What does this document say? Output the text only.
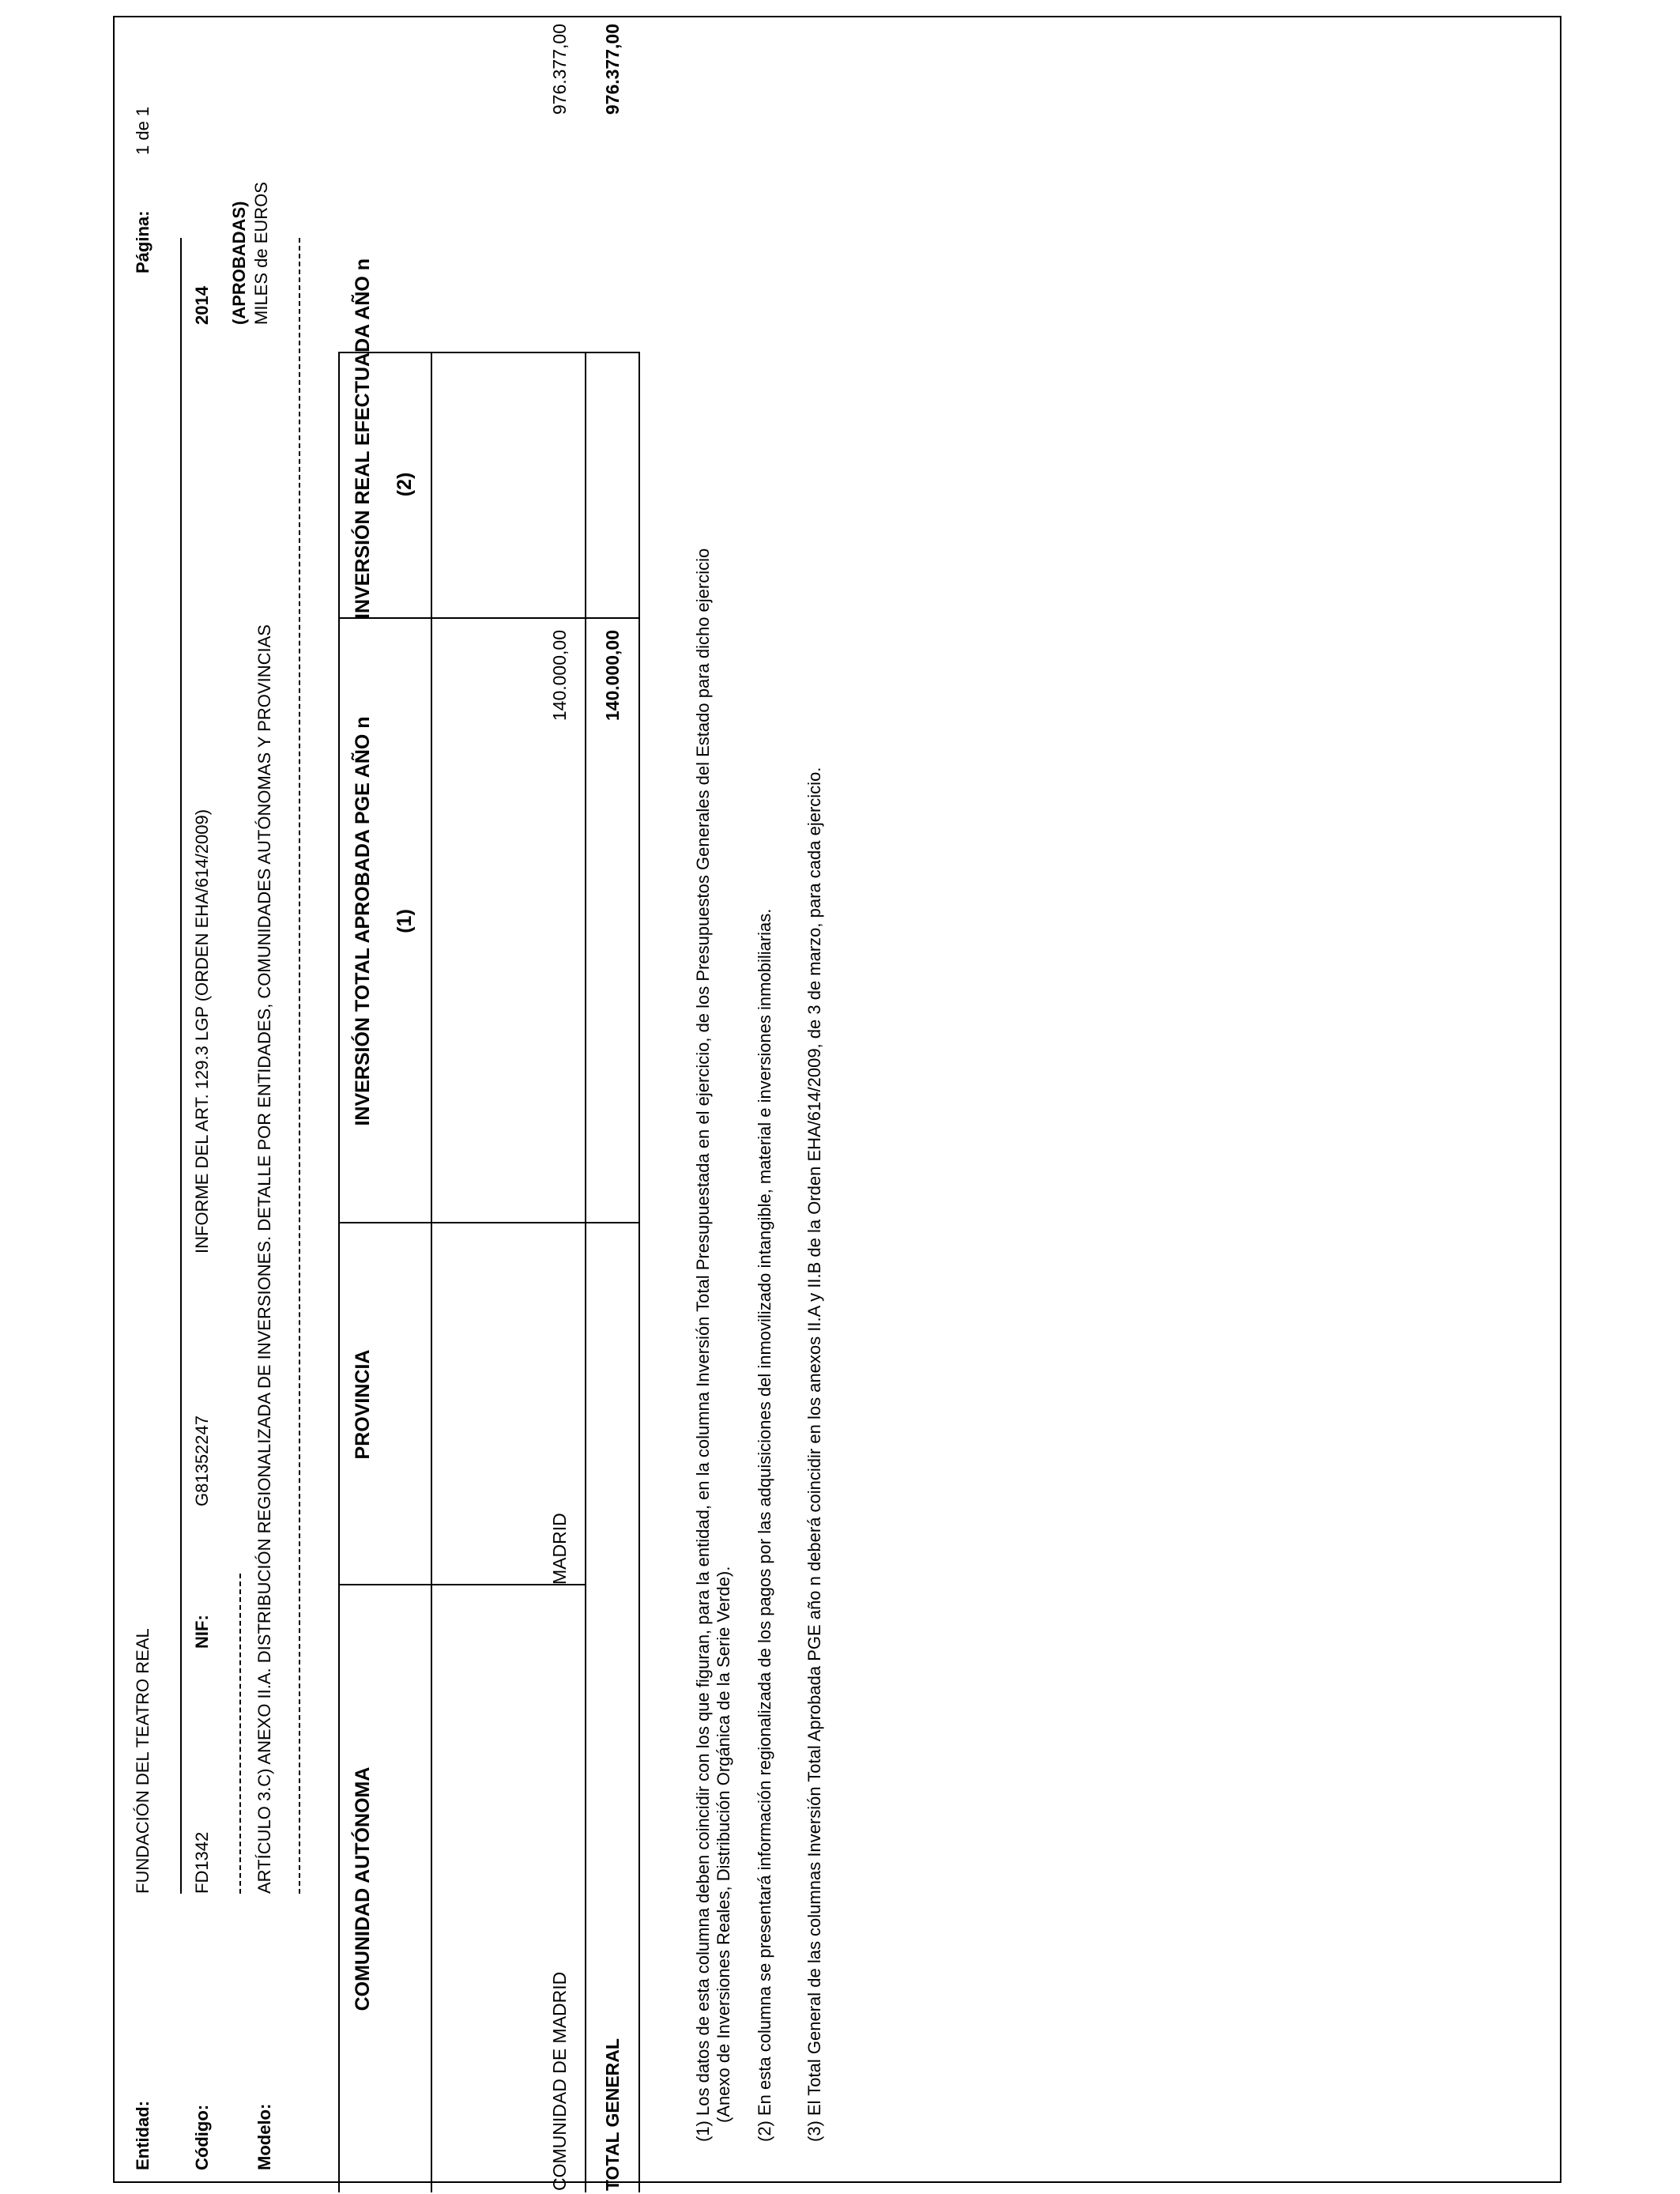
Entidad:
FUNDACIÓN DEL TEATRO REAL
Código:
FD1342
NIF:
G81352247
INFORME DEL ART. 129.3 LGP (ORDEN EHA/614/2009)
Modelo:
ARTÍCULO 3.C) ANEXO II.A. DISTRIBUCIÓN REGIONALIZADA DE INVERSIONES. DETALLE POR ENTIDADES, COMUNIDADES AUTÓNOMAS Y PROVINCIAS
Página:
1 de 1
2014 (APROBADAS) MILES de EUROS
COMUNIDAD AUTÓNOMA
PROVINCIA
INVERSIÓN TOTAL APROBADA PGE AÑO n (1)
INVERSIÓN REAL EFECTUADA AÑO n (2)
COMUNIDAD DE MADRID
MADRID
140.000,00
976.377,00
TOTAL GENERAL
140.000,00
976.377,00
(1) Los datos de esta columna deben coincidir con los que figuran, para la entidad, en la columna Inversión Total Presupuestada en el ejercicio, de los Presupuestos Generales del Estado para dicho ejercicio (Anexo de Inversiones Reales, Distribución Orgánica de la Serie Verde). (2) En esta columna se presentará información regionalizada de los pagos por las adquisiciones del inmovilizado intangible, material e inversiones inmobiliarias. (3) El Total General de las columnas Inversión Total Aprobada PGE año n deberá coincidir en los anexos II.A y II.B de la Orden EHA/614/2009, de 3 de marzo, para cada ejercicio.
